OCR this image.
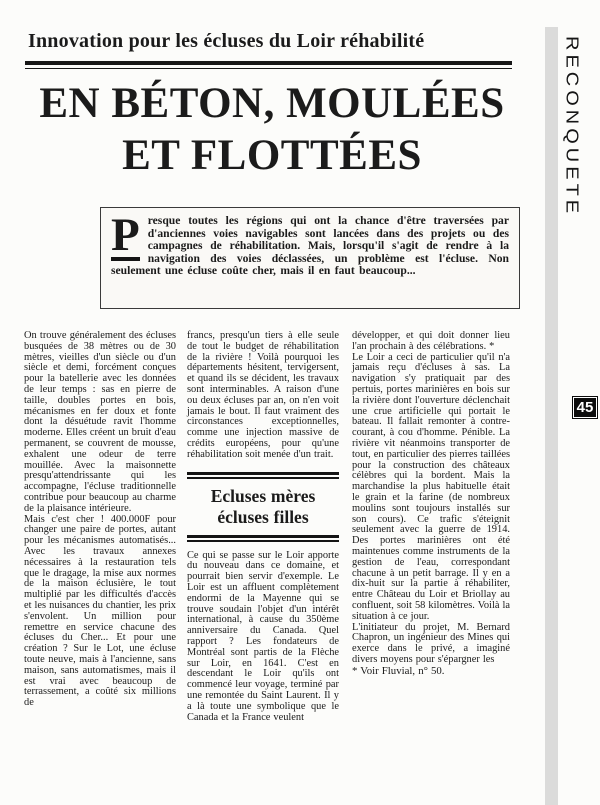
Innovation pour les écluses du Loir réhabilité
EN BÉTON, MOULÉES
ET FLOTTÉES
P resque toutes les régions qui ont la chance d'être traversées par d'anciennes voies navigables sont lancées dans des projets ou des campagnes de réhabilitation. Mais, lorsqu'il s'agit de rendre à la navigation des voies déclassées, un problème est l'écluse. Non seulement une écluse coûte cher, mais il en faut beaucoup...

On trouve généralement des écluses busquées de 38 mètres ou de 30 mètres, vieilles d'un siècle ou d'un siècle et demi, forcément conçues pour la batellerie avec les données de leur temps : sas en pierre de taille, doubles portes en bois, mécanismes en fer doux et fonte dont la désuétude ravit l'homme moderne. Elles créent un bruit d'eau permanent, se couvrent de mousse, exhalent une odeur de terre mouillée. Avec la maisonnette presqu'attendrissante qui les accompagne, l'écluse traditionnelle contribue pour beaucoup au charme de la plaisance intérieure.

Mais c'est cher ! 400.000F pour changer une paire de portes, autant pour les mécanismes automatisés... Avec les travaux annexes nécessaires à la restauration tels que le dragage, la mise aux normes de la maison éclusière, le tout multiplié par les difficultés d'accès et les nuisances du chantier, les prix s'envolent. Un million pour remettre en service chacune des écluses du Cher... Et pour une création ? Sur le Lot, une écluse toute neuve, mais à l'ancienne, sans maison, sans automatismes, mais il est vrai avec beaucoup de terrassement, a coûté six millions de

francs, presqu'un tiers à elle seule de tout le budget de réhabilitation de la rivière ! Voilà pourquoi les départements hésitent, tervigersent, et quand ils se décident, les travaux sont interminables. A raison d'une ou deux écluses par an, on n'en voit jamais le bout. Il faut vraiment des circonstances exceptionnelles, comme une injection massive de crédits européens, pour qu'une réhabilitation soit menée d'un trait.

Ecluses mères
écluses filles

Ce qui se passe sur le Loir apporte du nouveau dans ce domaine, et pourrait bien servir d'exemple. Le Loir est un affluent complètement endormi de la Mayenne qui se trouve soudain l'objet d'un intérêt international, à cause du 350ème anniversaire du Canada. Quel rapport ? Les fondateurs de Montréal sont partis de la Flèche sur Loir, en 1641. C'est en descendant le Loir qu'ils ont commencé leur voyage, terminé par une remontée du Saint Laurent. Il y a là toute une symbolique que le Canada et la France veulent

développer, et qui doit donner lieu l'an prochain à des célébrations. *

Le Loir a ceci de particulier qu'il n'a jamais reçu d'écluses à sas. La navigation s'y pratiquait par des pertuis, portes marinières en bois sur la rivière dont l'ouverture déclenchait une crue artificielle qui portait le bateau. Il fallait remonter à contre-courant, à cou d'homme. Pénible. La rivière vit néanmoins transporter de tout, en particulier des pierres taillées pour la construction des châteaux célèbres qui la bordent. Mais la marchandise la plus habituelle était le grain et la farine (de nombreux moulins sont toujours installés sur son cours). Ce trafic s'éteignit seulement avec la guerre de 1914. Des portes marinières ont été maintenues comme instruments de la gestion de l'eau, correspondant chacune à un petit barrage. Il y en a dix-huit sur la partie à réhabiliter, entre Château du Loir et Briollay au confluent, soit 58 kilomètres. Voilà la situation à ce jour.

L'initiateur du projet, M. Bernard Chapron, un ingénieur des Mines qui exerce dans le privé, a imaginé divers moyens pour s'épargner les

* Voir Fluvial, n° 50.

RECONQUETE
45
